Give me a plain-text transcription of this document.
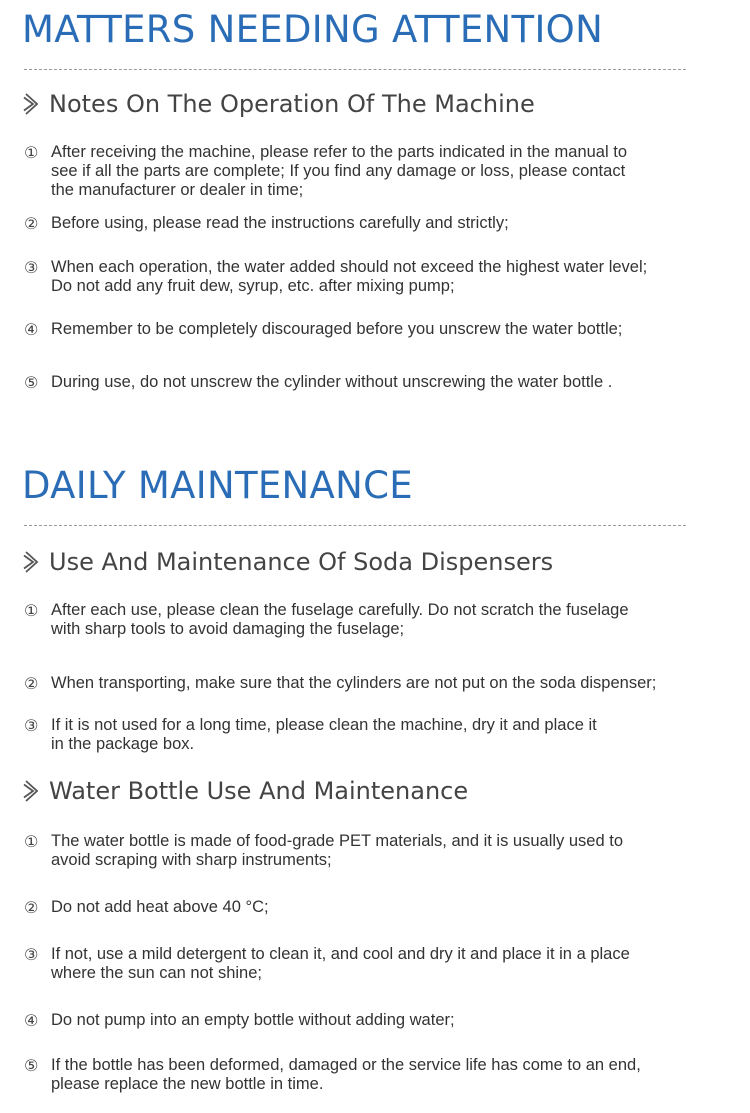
MATTERS NEEDING ATTENTION
Notes On The Operation Of The Machine
① After receiving the machine, please refer to the parts indicated in the manual to
see if all the parts are complete; If you find any damage or loss, please contact
the manufacturer or dealer in time;
② Before using, please read the instructions carefully and strictly;
③ When each operation, the water added should not exceed the highest water level;
Do not add any fruit dew, syrup, etc. after mixing pump;
④ Remember to be completely discouraged before you unscrew the water bottle;
⑤ During use, do not unscrew the cylinder without unscrewing the water bottle .
DAILY MAINTENANCE
Use And Maintenance Of Soda Dispensers
① After each use, please clean the fuselage carefully. Do not scratch the fuselage
with sharp tools to avoid damaging the fuselage;
② When transporting, make sure that the cylinders are not put on the soda dispenser;
③ If it is not used for a long time, please clean the machine, dry it and place it
in the package box.
Water Bottle Use And Maintenance
① The water bottle is made of food-grade PET materials, and it is usually used to
avoid scraping with sharp instruments;
② Do not add heat above 40 °C;
③ If not, use a mild detergent to clean it, and cool and dry it and place it in a place
where the sun can not shine;
④ Do not pump into an empty bottle without adding water;
⑤ If the bottle has been deformed, damaged or the service life has come to an end,
please replace the new bottle in time.
